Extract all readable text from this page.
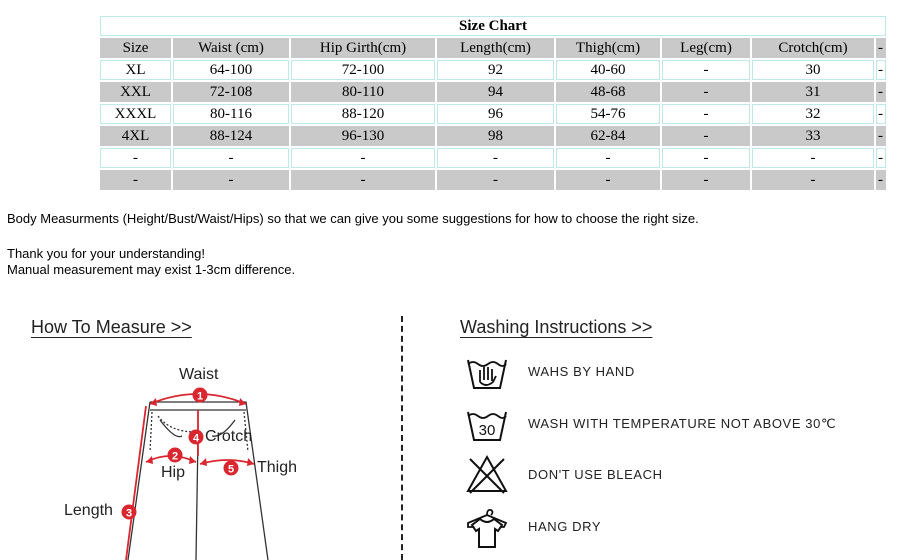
Size Chart							
Size	Waist (cm)	Hip Girth(cm)	Length(cm)	Thigh(cm)	Leg(cm)	Crotch(cm)	-
XL	64-100	72-100	92	40-60	-	30	-
XXL	72-108	80-110	94	48-68	-	31	-
XXXL	80-116	88-120	96	54-76	-	32	-
4XL	88-124	96-130	98	62-84	-	33	-
-	-	-	-	-	-	-	-
-	-	-	-	-	-	-	-
Body Measurments (Height/Bust/Waist/Hips) so that we can give you some suggestions for how to choose the right size.
Thank you for your understanding!
Manual measurement may exist 1-3cm difference.
How To Measure >>
1
2
3
4
5
Waist
Crotch
Hip	Thigh
Length
Washing Instructions >>
WAHS BY HAND
30	WASH WITH TEMPERATURE NOT ABOVE 30℃
DON'T USE BLEACH
HANG DRY
